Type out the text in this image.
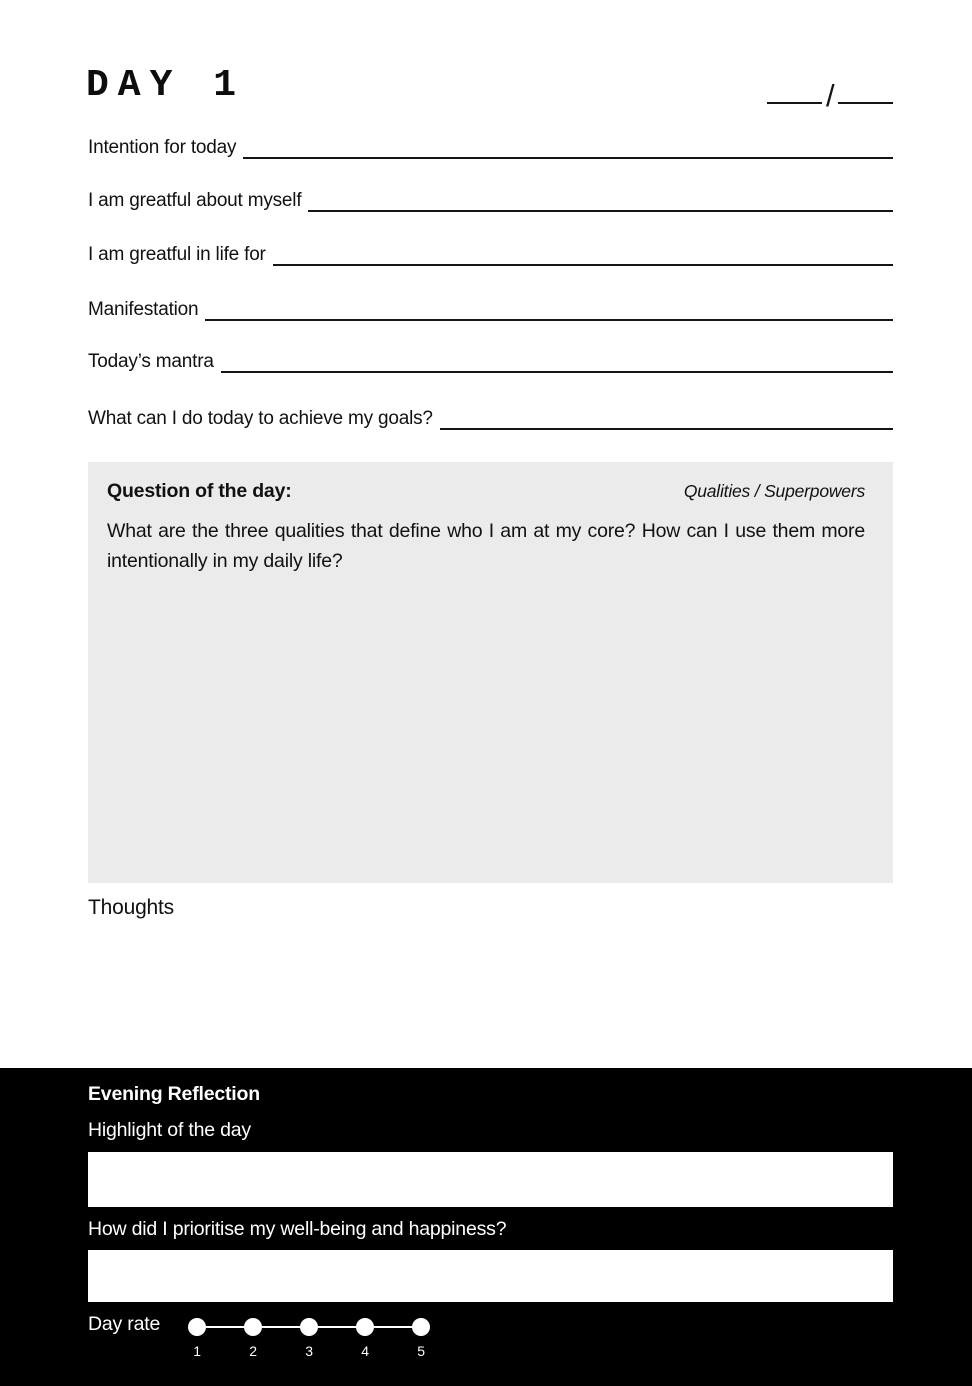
DAY 1	/
Intention for today
I am greatful about myself
I am greatful in life for
Manifestation
Today’s mantra
What can I do today to achieve my goals?
Question of the day:	Qualities / Superpowers
What are the three qualities that define who I am at my core? How can I use them more intentionally in my daily life?
Thoughts
Evening Reflection
Highlight of the day
How did I prioritise my well-being and happiness?
Day rate
1	2	3	4	5
